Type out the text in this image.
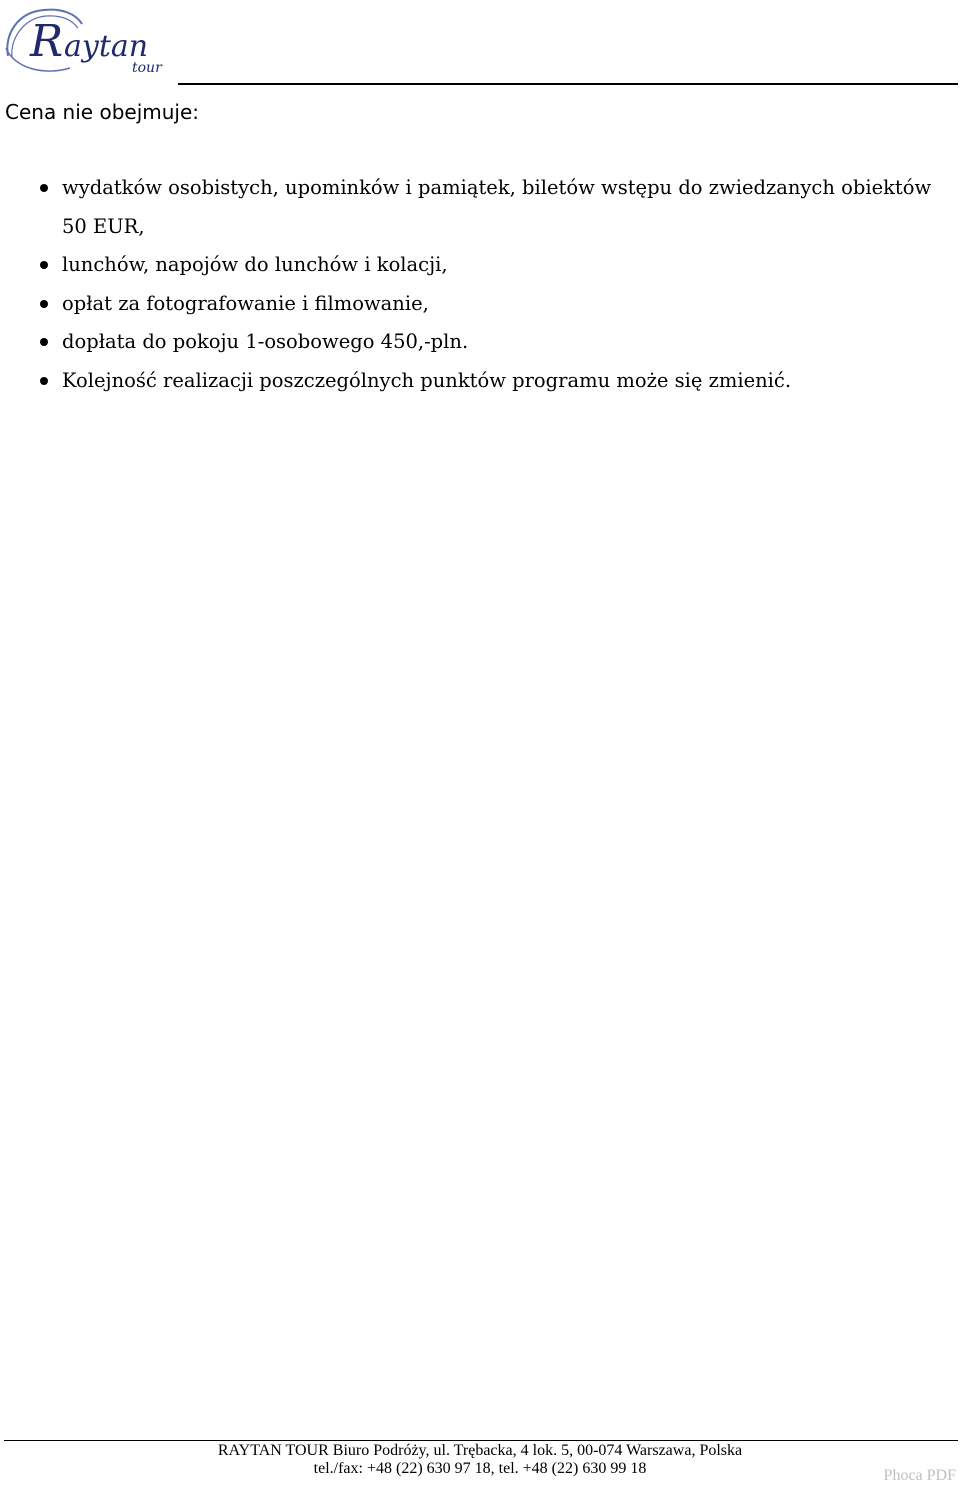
R aytan
tour
Cena nie obejmuje:
wydatków osobistych, upominków i pamiątek, biletów wstępu do zwiedzanych obiektów 50 EUR,
lunchów, napojów do lunchów i kolacji,
opłat za fotografowanie i filmowanie,
dopłata do pokoju 1-osobowego 450,-pln.
Kolejność realizacji poszczególnych punktów programu może się zmienić.
RAYTAN TOUR Biuro Podróży, ul. Trębacka, 4 lok. 5, 00-074 Warszawa, Polska
tel./fax: +48 (22) 630 97 18, tel. +48 (22) 630 99 18	Phoca PDF
